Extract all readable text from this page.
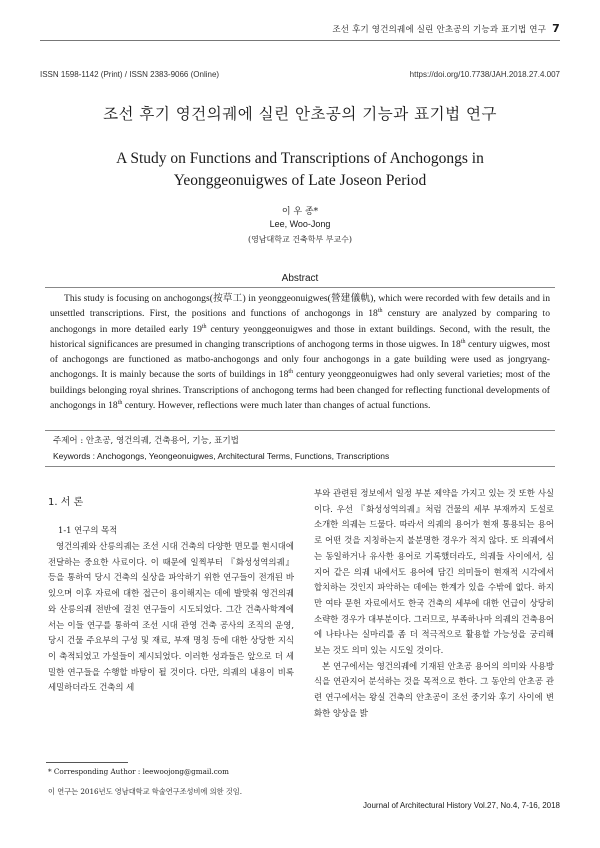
조선 후기 영건의궤에 실린 안초공의 기능과 표기법 연구 7
ISSN 1598-1142 (Print) / ISSN 2383-9066 (Online)	https://doi.org/10.7738/JAH.2018.27.4.007
조선 후기 영건의궤에 실린 안초공의 기능과 표기법 연구
A Study on Functions and Transcriptions of Anchogongs in Yeonggeonuigwes of Late Joseon Period
이 우 종*
Lee, Woo-Jong
(영남대학교 건축학부 부교수)
Abstract
This study is focusing on anchogongs(按草工) in yeonggeonuigwes(營建儀軌), which were recorded with few details and in unsettled transcriptions. First, the positions and functions of anchogongs in 18th censtury are analyzed by comparing to anchogongs in more detailed early 19th century yeonggeonuigwes and those in extant buildings. Second, with the result, the historical significances are presumed in changing transcriptions of anchogong terms in those uigwes. In 18th century uigwes, most of anchogongs are functioned as matbo-anchogongs and only four anchogongs in a gate building were used as jongryang-anchogongs. It is mainly because the sorts of buildings in 18th century yeonggeonuigwes had only several varieties; most of the buildings belonging royal shrines. Transcriptions of anchogong terms had been changed for reflecting functional developments of anchogongs in 18th century. However, reflections were much later than changes of actual functions.
주제어 : 안초공, 영건의궤, 건축용어, 기능, 표기법
Keywords : Anchogongs, Yeongeonuigwes, Architectural Terms, Functions, Transcriptions
1. 서 론
1-1 연구의 목적

영건의궤와 산릉의궤는 조선 시대 건축의 다양한 면모를 현시대에 전달하는 중요한 사료이다. 이 때문에 일찍부터 『화성성역의궤』 등을 통하여 당시 건축의 실상을 파악하기 위한 연구들이 전개된 바 있으며 이후 자료에 대한 접근이 용이해지는 데에 발맞춰 영건의궤와 산릉의궤 전반에 걸친 연구들이 시도되었다. 그간 건축사학계에서는 이들 연구를 통하여 조선 시대 관영 건축 공사의 조직의 운영, 당시 건물 주요부의 구성 및 재료, 부재 명칭 등에 대한 상당한 지식이 축적되었고 가설들이 제시되었다. 이러한 성과들은 앞으로 더 세밀한 연구들을 수행할 바탕이 될 것이다. 다만, 의궤의 내용이 비록 세밀하더라도 건축의 세

부와 관련된 정보에서 일정 부분 제약을 가지고 있는 것 또한 사실이다. 우선 『화성성역의궤』처럼 건물의 세부 부재까지 도설로 소개한 의궤는 드물다. 따라서 의궤의 용어가 현재 통용되는 용어로 어떤 것을 지칭하는지 불분명한 경우가 적지 않다. 또 의궤에서는 동일하거나 유사한 용어로 기록했더라도, 의궤들 사이에서, 심지어 같은 의궤 내에서도 용어에 담긴 의미들이 현재적 시각에서 합치하는 것인지 파악하는 데에는 한계가 있을 수밖에 없다. 하지만 여타 문헌 자료에서도 한국 건축의 세부에 대한 언급이 상당히 소략한 경우가 대부분이다. 그러므로, 부족하나마 의궤의 건축용어에 나타나는 실마리를 좀 더 적극적으로 활용할 가능성을 궁리해 보는 것도 의미 있는 시도일 것이다.

본 연구에서는 영건의궤에 기재된 안초공 용어의 의미와 사용방식을 연관지어 분석하는 것을 목적으로 한다. 그 동안의 안초공 관련 연구에서는 왕실 건축의 안초공이 조선 중기와 후기 사이에 변화한 양상을 밝

* Corresponding Author : leewoojong@gmail.com
이 연구는 2016년도 영남대학교 학술연구조성비에 의한 것임.
Journal of Architectural History Vol.27, No.4, 7-16, 2018
